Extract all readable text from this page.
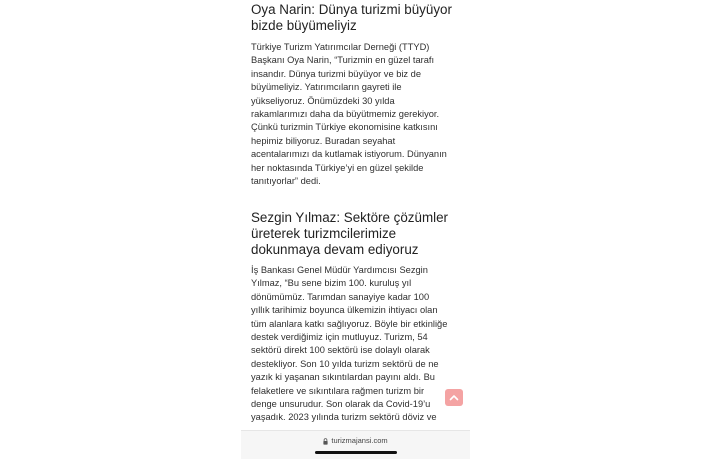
Oya Narin: Dünya turizmi büyüyor bizde büyümeliyiz

Türkiye Turizm Yatırımcılar Derneği (TTYD) Başkanı Oya Narin, “Turizmin en güzel tarafı insandır. Dünya turizmi büyüyor ve biz de büyümeliyiz. Yatırımcıların gayreti ile yükseliyoruz. Önümüzdeki 30 yılda rakamlarımızı daha da büyütmemiz gerekiyor. Çünkü turizmin Türkiye ekonomisine katkısını hepimiz biliyoruz. Buradan seyahat acentalarımızı da kutlamak istiyorum. Dünyanın her noktasında Türkiye’yi en güzel şekilde tanıtıyorlar” dedi.

Sezgin Yılmaz: Sektöre çözümler üreterek turizmcilerimize dokunmaya devam ediyoruz

İş Bankası Genel Müdür Yardımcısı Sezgin Yılmaz, “Bu sene bizim 100. kuruluş yıl dönümümüz. Tarımdan sanayiye kadar 100 yıllık tarihimiz boyunca ülkemizin ihtiyacı olan tüm alanlara katkı sağlıyoruz. Böyle bir etkinliğe destek verdiğimiz için mutluyuz. Turizm, 54 sektörü direkt 100 sektörü ise dolaylı olarak destekliyor. Son 10 yılda turizm sektörü de ne yazık ki yaşanan sıkıntılardan payını aldı. Bu felaketlere ve sıkıntılara rağmen turizm bir denge unsurudur. Son olarak da Covid-19’u yaşadık. 2023 yılında turizm sektörü döviz ve

turizmajansi.com
